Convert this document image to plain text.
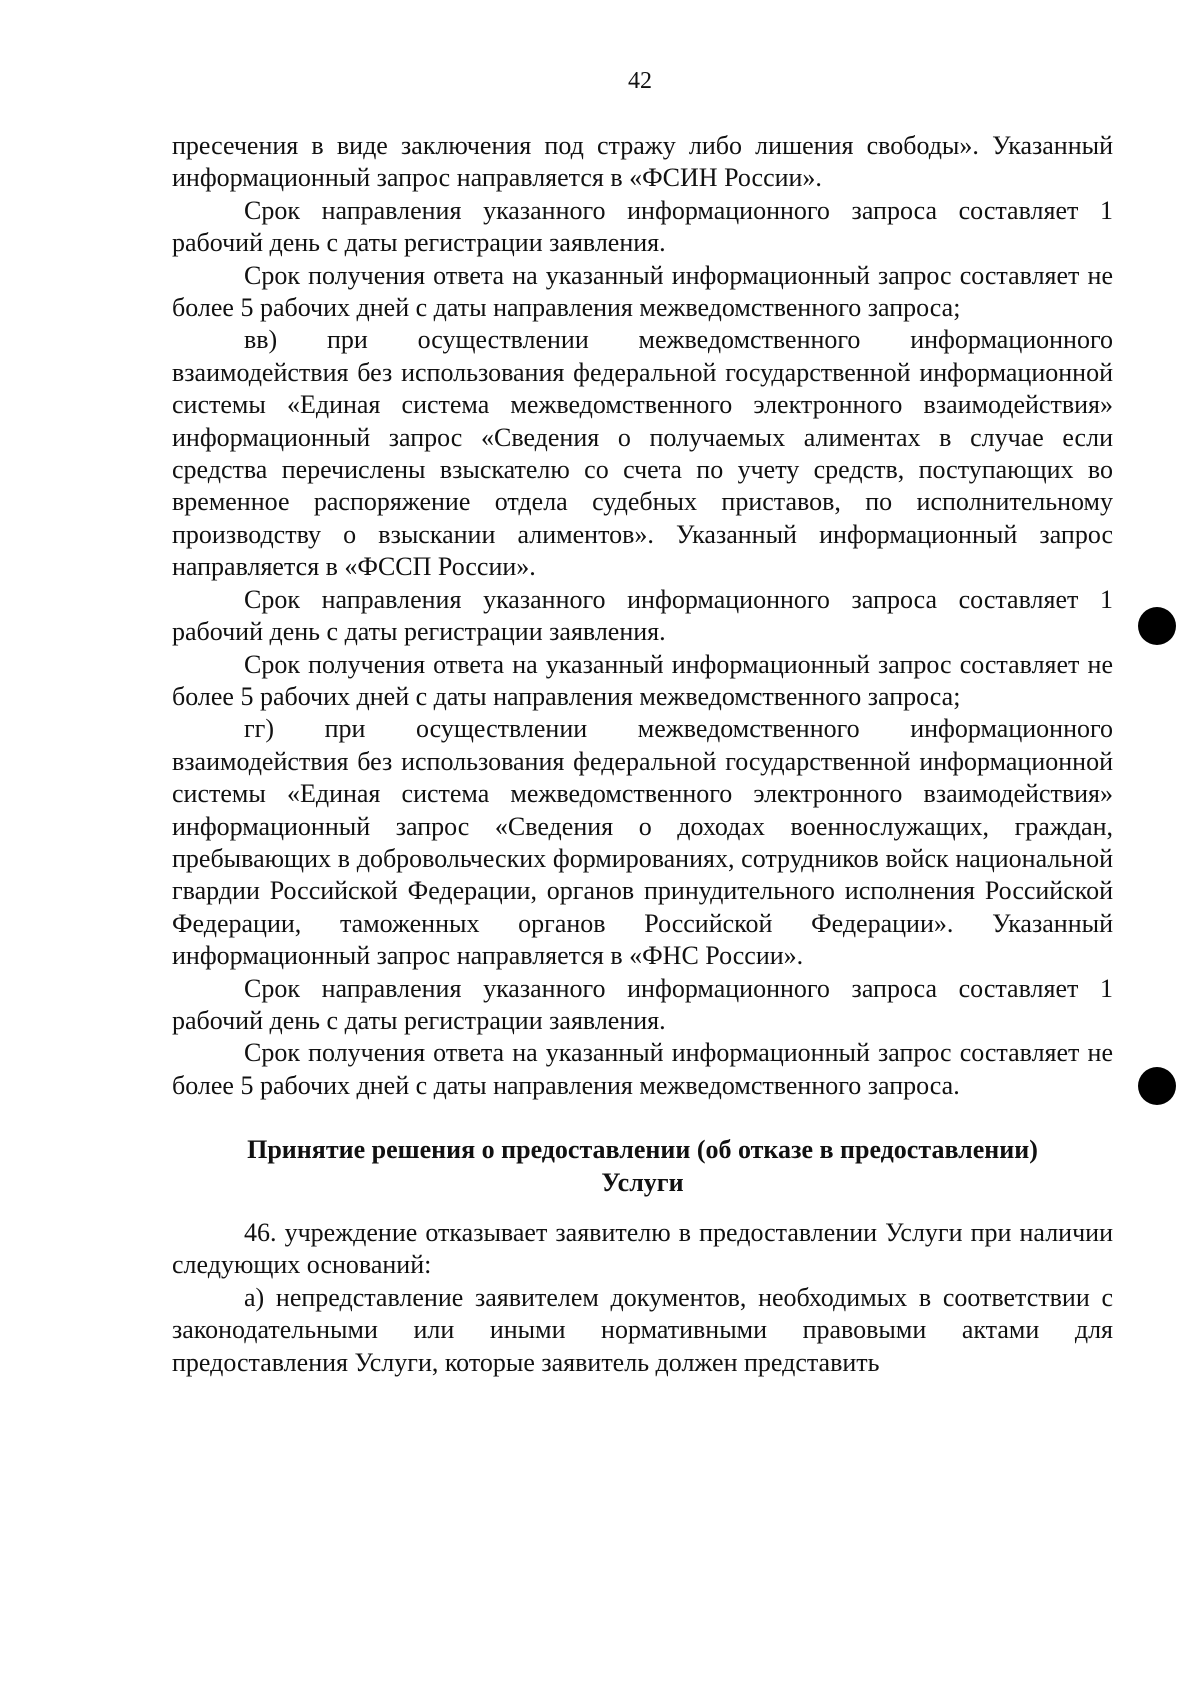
42

пресечения в виде заключения под стражу либо лишения свободы». Указанный информационный запрос направляется в «ФСИН России».

Срок направления указанного информационного запроса составляет 1 рабочий день с даты регистрации заявления.

Срок получения ответа на указанный информационный запрос составляет не более 5 рабочих дней с даты направления межведомственного запроса;

вв) при осуществлении межведомственного информационного взаимодействия без использования федеральной государственной информационной системы «Единая система межведомственного электронного взаимодействия» информационный запрос «Сведения о получаемых алиментах в случае если средства перечислены взыскателю со счета по учету средств, поступающих во временное распоряжение отдела судебных приставов, по исполнительному производству о взыскании алиментов». Указанный информационный запрос направляется в «ФССП России».

Срок направления указанного информационного запроса составляет 1 рабочий день с даты регистрации заявления.

Срок получения ответа на указанный информационный запрос составляет не более 5 рабочих дней с даты направления межведомственного запроса;

гг) при осуществлении межведомственного информационного взаимодействия без использования федеральной государственной информационной системы «Единая система межведомственного электронного взаимодействия» информационный запрос «Сведения о доходах военнослужащих, граждан, пребывающих в добровольческих формированиях, сотрудников войск национальной гвардии Российской Федерации, органов принудительного исполнения Российской Федерации, таможенных органов Российской Федерации». Указанный информационный запрос направляется в «ФНС России».

Срок направления указанного информационного запроса составляет 1 рабочий день с даты регистрации заявления.

Срок получения ответа на указанный информационный запрос составляет не более 5 рабочих дней с даты направления межведомственного запроса.

Принятие решения о предоставлении (об отказе в предоставлении)
Услуги

46. учреждение отказывает заявителю в предоставлении Услуги при наличии следующих оснований:

а) непредставление заявителем документов, необходимых в соответствии с законодательными или иными нормативными правовыми актами для предоставления Услуги, которые заявитель должен представить
